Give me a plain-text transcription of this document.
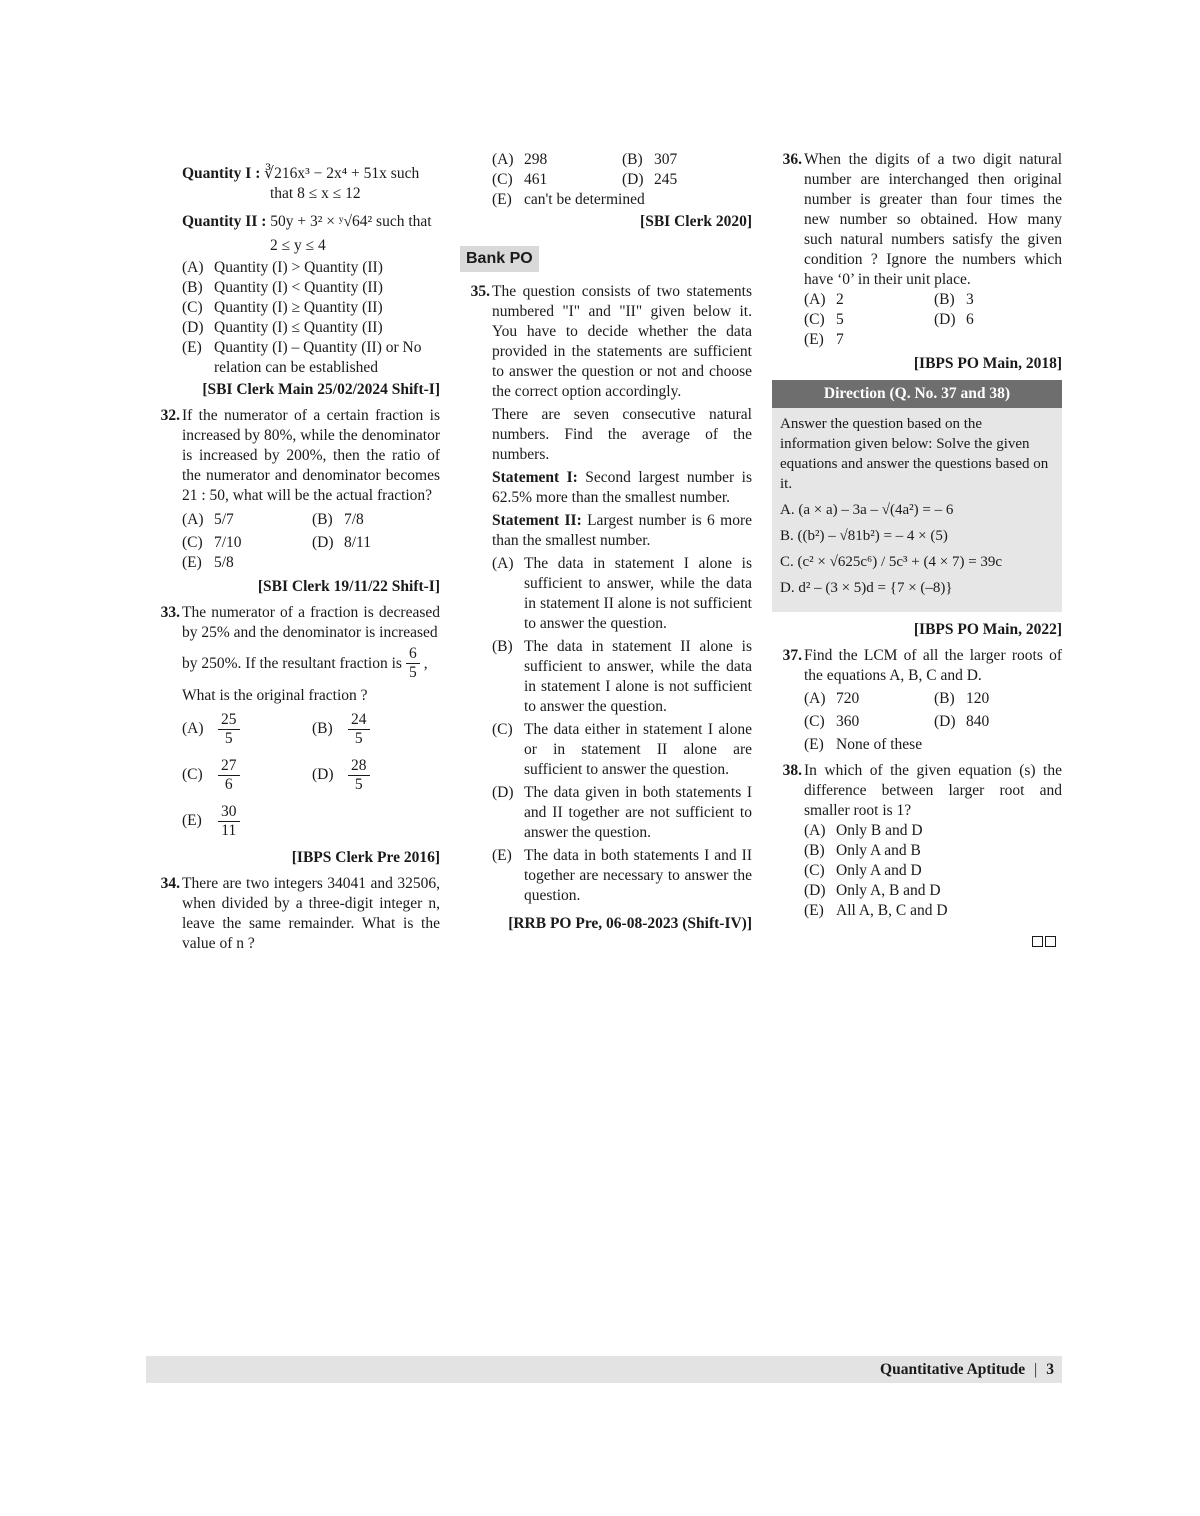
Quantity I : ∛216x³ − 2x⁴ + 51x such
that 8 ≤ x ≤ 12
Quantity II : 50y + 3² × ʸ√64² such that
2 ≤ y ≤ 4
(A) Quantity (I) > Quantity (II)
(B) Quantity (I) < Quantity (II)
(C) Quantity (I) ≥ Quantity (II)
(D) Quantity (I) ≤ Quantity (II)
(E) Quantity (I) – Quantity (II) or No relation can be established
[SBI Clerk Main 25/02/2024 Shift-I]
32. If the numerator of a certain fraction is increased by 80%, while the denominator is increased by 200%, then the ratio of the numerator and denominator becomes 21 : 50, what will be the actual fraction?
(A) 5/7	(B) 7/8
(C) 7/10	(D) 8/11
(E) 5/8
[SBI Clerk 19/11/22 Shift-I]
33. The numerator of a fraction is decreased by 25% and the denominator is increased
by 250%. If the resultant fraction is $\frac{6}{5}$ ,
What is the original fraction ?
$(A) \frac{25}{5}$	$(B) \frac{24}{5}$
$(C) \frac{27}{6}$	$(D) \frac{28}{5}$
(E)	$\frac{30}{11}$
[IBPS Clerk Pre 2016]
34. There are two integers 34041 and 32506, when divided by a three-digit integer n, leave the same remainder. What is the value of n ?
(A) 298	(B) 307
(C) 461	(D) 245
(E) can't be determined
[SBI Clerk 2020]
Bank PO
35. The question consists of two statements numbered "I" and "II" given below it. You have to decide whether the data provided in the statements are sufficient to answer the question or not and choose the correct option accordingly.
There are seven consecutive natural numbers. Find the average of the numbers.
Statement I: Second largest number is 62.5% more than the smallest number.
Statement II: Largest number is 6 more than the smallest number.
(A) The data in statement I alone is sufficient to answer, while the data in statement II alone is not sufficient to answer the question.
(B) The data in statement II alone is sufficient to answer, while the data in statement I alone is not sufficient to answer the question.
(C) The data either in statement I alone or in statement II alone are sufficient to answer the question.
(D) The data given in both statements I and II together are not sufficient to answer the question.
(E) The data in both statements I and II together are necessary to answer the question.
[RRB PO Pre, 06-08-2023 (Shift-IV)]
36. When the digits of a two digit natural number are interchanged then original number is greater than four times the new number so obtained. How many such natural numbers satisfy the given condition ? Ignore the numbers which have ‘0’ in their unit place.
(A) 2	(B) 3
(C) 5	(D) 6
(E) 7
[IBPS PO Main, 2018]
Direction (Q. No. 37 and 38)
Answer the question based on the information given below: Solve the given equations and answer the questions based on it.
A. (a × a) – 3a – √(4a²) = – 6
B. ((b²) – √81b²) = – 4 × (5)
C. (c² × √625c⁶) / 5c³ + (4 × 7) = 39c
D. d² – (3 × 5)d = {7 × (–8)}
[IBPS PO Main, 2022]
37. Find the LCM of all the larger roots of the equations A, B, C and D.
(A) 720	(B) 120
(C) 360	(D) 840
(E) None of these
38. In which of the given equation (s) the difference between larger root and smaller root is 1?
(A) Only B and D
(B) Only A and B
(C) Only A and D
(D) Only A, B and D
(E) All A, B, C and D
Quantitative Aptitude | 3
